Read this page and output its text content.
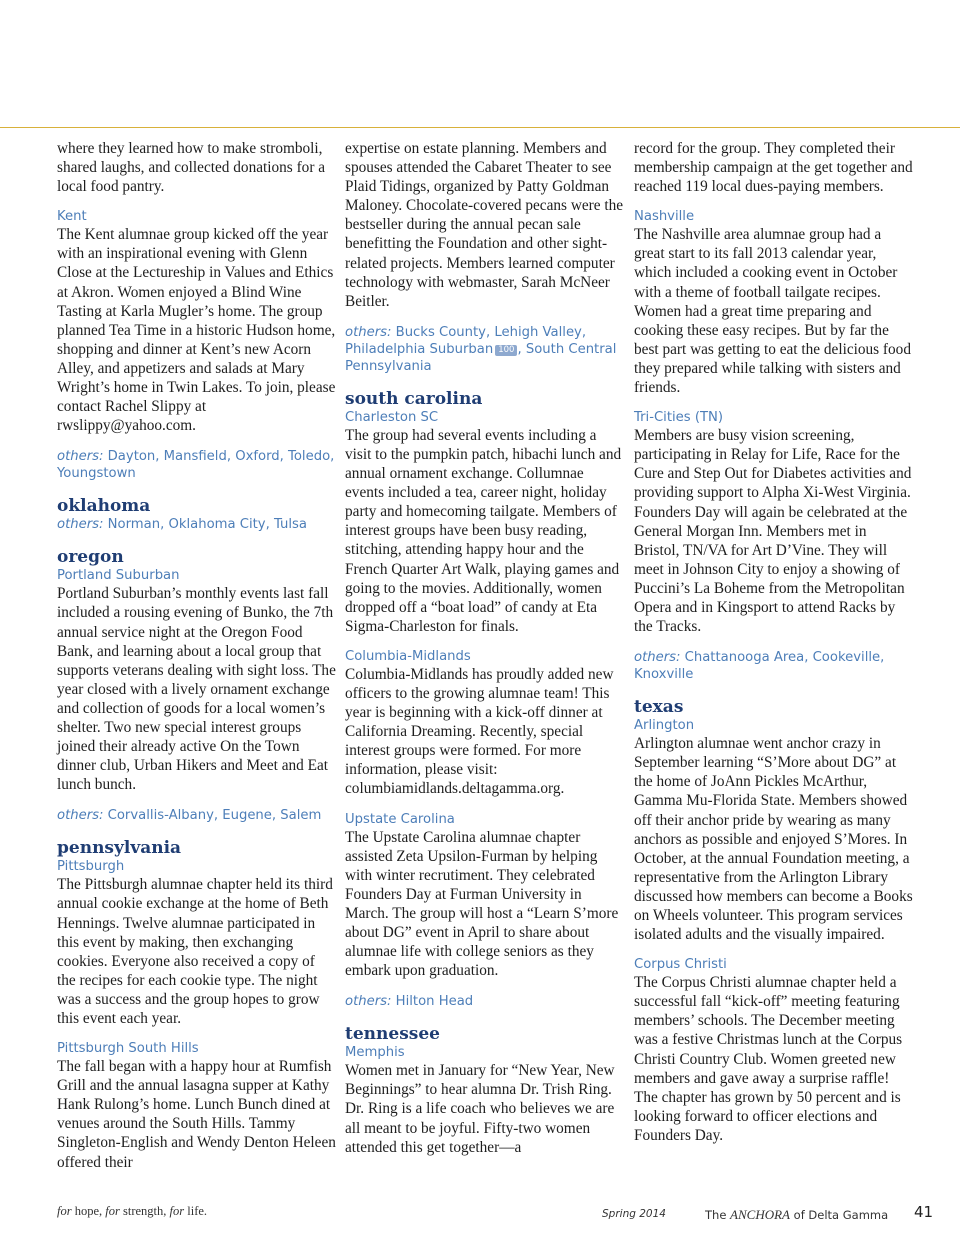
where they learned how to make stromboli, shared laughs, and collected donations for a local food pantry.

Kent

The Kent alumnae group kicked off the year with an inspirational evening with Glenn Close at the Lectureship in Values and Ethics at Akron. Women enjoyed a Blind Wine Tasting at Karla Mugler’s home. The group planned Tea Time in a historic Hudson home, shopping and dinner at Kent’s new Acorn Alley, and appetizers and salads at Mary Wright’s home in Twin Lakes. To join, please contact Rachel Slippy at rwslippy@yahoo.com.

others: Dayton, Mansfield, Oxford, Toledo, Youngstown

oklahoma

others: Norman, Oklahoma City, Tulsa

oregon

Portland Suburban

Portland Suburban’s monthly events last fall included a rousing evening of Bunko, the 7th annual service night at the Oregon Food Bank, and learning about a local group that supports veterans dealing with sight loss. The year closed with a lively ornament exchange and collection of goods for a local women’s shelter. Two new special interest groups joined their already active On the Town dinner club, Urban Hikers and Meet and Eat lunch bunch.

others: Corvallis-Albany, Eugene, Salem

pennsylvania

Pittsburgh

The Pittsburgh alumnae chapter held its third annual cookie exchange at the home of Beth Hennings. Twelve alumnae participated in this event by making, then exchanging cookies. Everyone also received a copy of the recipes for each cookie type. The night was a success and the group hopes to grow this event each year.

Pittsburgh South Hills

The fall began with a happy hour at Rumfish Grill and the annual lasagna supper at Kathy Hank Rulong’s home. Lunch Bunch dined at venues around the South Hills. Tammy Singleton-English and Wendy Denton Heleen offered their

expertise on estate planning. Members and spouses attended the Cabaret Theater to see Plaid Tidings, organized by Patty Goldman Maloney. Chocolate-covered pecans were the bestseller during the annual pecan sale benefitting the Foundation and other sight-related projects. Members learned computer technology with webmaster, Sarah McNeer Beitler.

others: Bucks County, Lehigh Valley, Philadelphia Suburban 100 , South Central Pennsylvania

south carolina

Charleston SC

The group had several events including a visit to the pumpkin patch, hibachi lunch and annual ornament exchange. Collumnae events included a tea, career night, holiday party and homecoming tailgate. Members of interest groups have been busy reading, stitching, attending happy hour and the French Quarter Art Walk, playing games and going to the movies. Additionally, women dropped off a “boat load” of candy at Eta Sigma-Charleston for finals.

Columbia-Midlands

Columbia-Midlands has proudly added new officers to the growing alumnae team! This year is beginning with a kick-off dinner at California Dreaming. Recently, special interest groups were formed. For more information, please visit: columbiamidlands.deltagamma.org.

Upstate Carolina

The Upstate Carolina alumnae chapter assisted Zeta Upsilon-Furman by helping with winter recrutiment. They celebrated Founders Day at Furman University in March. The group will host a “Learn S’more about DG” event in April to share about alumnae life with college seniors as they embark upon graduation.

others: Hilton Head

tennessee

Memphis

Women met in January for “New Year, New Beginnings” to hear alumna Dr. Trish Ring. Dr. Ring is a life coach who believes we are all meant to be joyful. Fifty-two women attended this get together—a

record for the group. They completed their membership campaign at the get together and reached 119 local dues-paying members.

Nashville

The Nashville area alumnae group had a great start to its fall 2013 calendar year, which included a cooking event in October with a theme of football tailgate recipes. Women had a great time preparing and cooking these easy recipes. But by far the best part was getting to eat the delicious food they prepared while talking with sisters and friends.

Tri-Cities (TN)

Members are busy vision screening, participating in Relay for Life, Race for the Cure and Step Out for Diabetes activities and providing support to Alpha Xi-West Virginia. Founders Day will again be celebrated at the General Morgan Inn. Members met in Bristol, TN/VA for Art D’Vine. They will meet in Johnson City to enjoy a showing of Puccini’s La Boheme from the Metropolitan Opera and in Kingsport to attend Racks by the Tracks.

others: Chattanooga Area, Cookeville, Knoxville

texas

Arlington

Arlington alumnae went anchor crazy in September learning “S’More about DG” at the home of JoAnn Pickles McArthur, Gamma Mu-Florida State. Members showed off their anchor pride by wearing as many anchors as possible and enjoyed S’Mores. In October, at the annual Foundation meeting, a representative from the Arlington Library discussed how members can become a Books on Wheels volunteer. This program services isolated adults and the visually impaired.

Corpus Christi

The Corpus Christi alumnae chapter held a successful fall “kick-off” meeting featuring members’ schools. The December meeting was a festive Christmas lunch at the Corpus Christi Country Club. Women greeted new members and gave away a surprise raffle! The chapter has grown by 50 percent and is looking forward to officer elections and Founders Day.

for hope, for strength, for life.	Spring 2014	The ANCHORA of Delta Gamma 41
